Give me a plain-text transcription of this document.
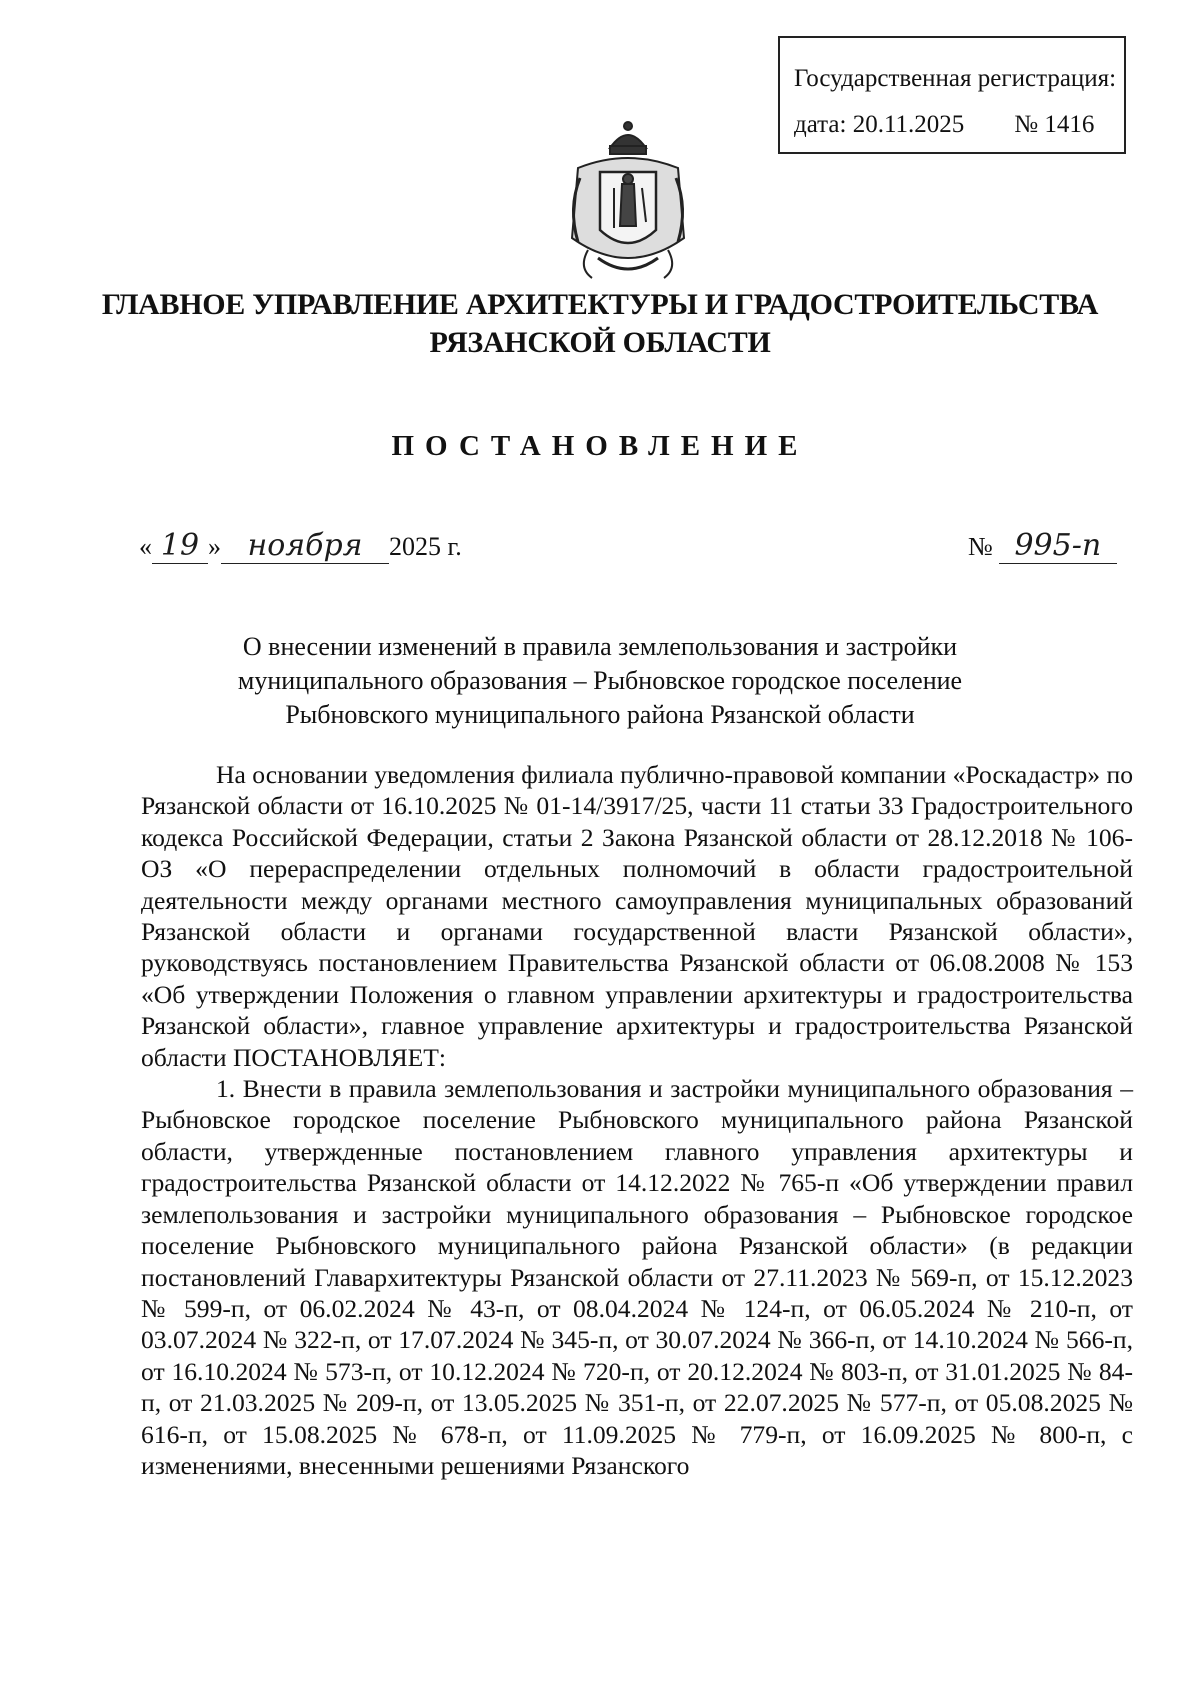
Государственная регистрация:
дата: 20.11.2025 № 1416
ГЛАВНОЕ УПРАВЛЕНИЕ АРХИТЕКТУРЫ И ГРАДОСТРОИТЕЛЬСТВА
РЯЗАНСКОЙ ОБЛАСТИ
ПОСТАНОВЛЕНИЕ
« 19 » ноября	2025 г.	№ 995-п
О внесении изменений в правила землепользования и застройки
муниципального образования – Рыбновское городское поселение
Рыбновского муниципального района Рязанской области

На основании уведомления филиала публично-правовой компании «Роскадастр» по Рязанской области от 16.10.2025 № 01-14/3917/25, части 11 статьи 33 Градостроительного кодекса Российской Федерации, статьи 2 Закона Рязанской области от 28.12.2018 № 106-ОЗ «О перераспределении отдельных полномочий в области градостроительной деятельности между органами местного самоуправления муниципальных образований Рязанской области и органами государственной власти Рязанской области», руководствуясь постановлением Правительства Рязанской области от 06.08.2008 № 153 «Об утверждении Положения о главном управлении архитектуры и градостроительства Рязанской области», главное управление архитектуры и градостроительства Рязанской области ПОСТАНОВЛЯЕТ:

1. Внести в правила землепользования и застройки муниципального образования – Рыбновское городское поселение Рыбновского муниципального района Рязанской области, утвержденные постановлением главного управления архитектуры и градостроительства Рязанской области от 14.12.2022 № 765-п «Об утверждении правил землепользования и застройки муниципального образования – Рыбновское городское поселение Рыбновского муниципального района Рязанской области» (в редакции постановлений Главархитектуры Рязанской области от 27.11.2023 № 569-п, от 15.12.2023 № 599-п, от 06.02.2024 № 43-п, от 08.04.2024 № 124-п, от 06.05.2024 № 210-п, от 03.07.2024 № 322-п, от 17.07.2024 № 345-п, от 30.07.2024 № 366-п, от 14.10.2024 № 566-п, от 16.10.2024 № 573-п, от 10.12.2024 № 720-п, от 20.12.2024 № 803-п, от 31.01.2025 № 84-п, от 21.03.2025 № 209-п, от 13.05.2025 № 351-п, от 22.07.2025 № 577-п, от 05.08.2025 № 616-п, от 15.08.2025 № 678-п, от 11.09.2025 № 779-п, от 16.09.2025 № 800-п, с изменениями, внесенными решениями Рязанского
